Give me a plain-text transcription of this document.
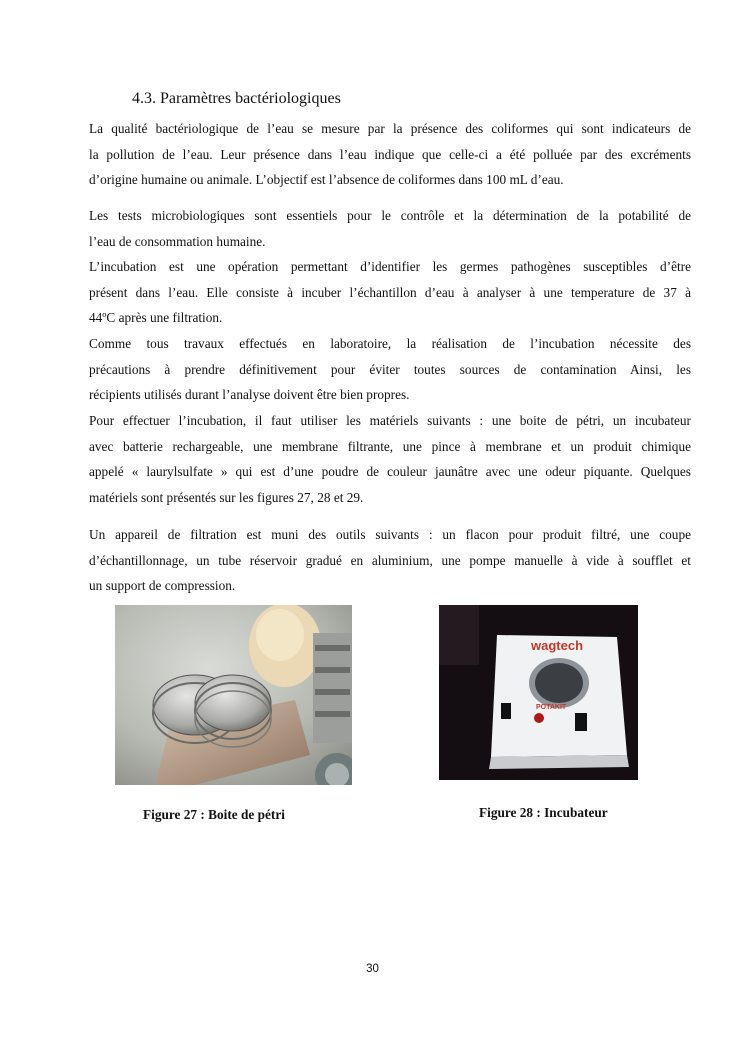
4.3. Paramètres bactériologiques
La qualité bactériologique de l’eau se mesure par la présence des coliformes qui sont indicateurs de
la pollution de l’eau. Leur présence dans l’eau indique que celle-ci a été polluée par des excréments
d’origine humaine ou animale. L’objectif est l’absence de coliformes dans 100 mL d’eau.
Les tests microbiologiques sont essentiels pour le contrôle et la détermination de la potabilité de
l’eau de consommation humaine.
L’incubation est une opération permettant d’identifier les germes pathogènes susceptibles d’être
présent dans l’eau. Elle consiste à incuber l’échantillon d’eau à analyser à une temperature de 37 à
44ºC après une filtration.
Comme tous travaux effectués en laboratoire, la réalisation de l’incubation nécessite des
précautions à prendre définitivement pour éviter toutes sources de contamination Ainsi, les
récipients utilisés durant l’analyse doivent être bien propres.
Pour effectuer l’incubation, il faut utiliser les matériels suivants : une boite de pétri, un incubateur
avec batterie rechargeable, une membrane filtrante, une pince à membrane et un produit chimique
appelé « laurylsulfate » qui est d’une poudre de couleur jaunâtre avec une odeur piquante. Quelques
matériels sont présentés sur les figures 27, 28 et 29.
Un appareil de filtration est muni des outils suivants : un flacon pour produit filtré, une coupe
d’échantillonnage, un tube réservoir gradué en aluminium, une pompe manuelle à vide à soufflet et
un support de compression.
wagtech
POTAKIT
Figure 27 : Boite de pétri	Figure 28 : Incubateur
30
